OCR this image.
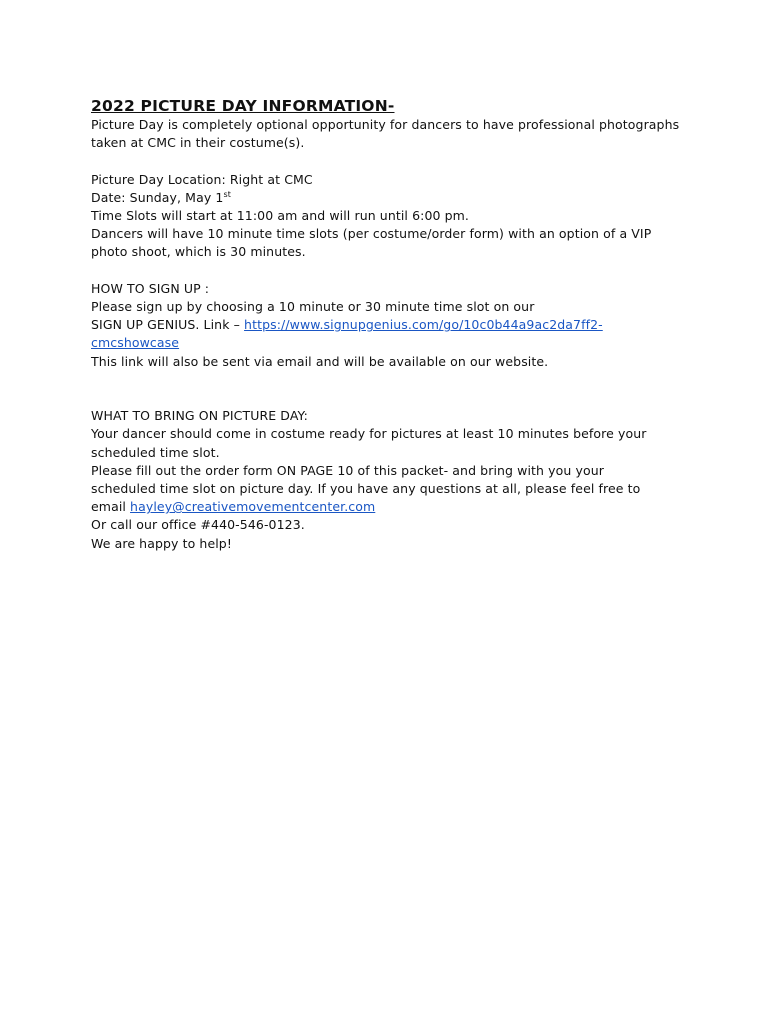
2022 PICTURE DAY INFORMATION-
Picture Day is completely optional opportunity for dancers to have professional photographs
taken at CMC in their costume(s).
Picture Day Location: Right at CMC
Date: Sunday, May 1st
Time Slots will start at 11:00 am and will run until 6:00 pm.
Dancers will have 10 minute time slots (per costume/order form) with an option of a VIP
photo shoot, which is 30 minutes.
HOW TO SIGN UP :
Please sign up by choosing a 10 minute or 30 minute time slot on our
SIGN UP GENIUS. Link – https://www.signupgenius.com/go/10c0b44a9ac2da7ff2-
cmcshowcase
This link will also be sent via email and will be available on our website.
WHAT TO BRING ON PICTURE DAY:
Your dancer should come in costume ready for pictures at least 10 minutes before your
scheduled time slot.
Please fill out the order form ON PAGE 10 of this packet- and bring with you your
scheduled time slot on picture day. If you have any questions at all, please feel free to
email hayley@creativemovementcenter.com
Or call our office #440-546-0123.
We are happy to help!
